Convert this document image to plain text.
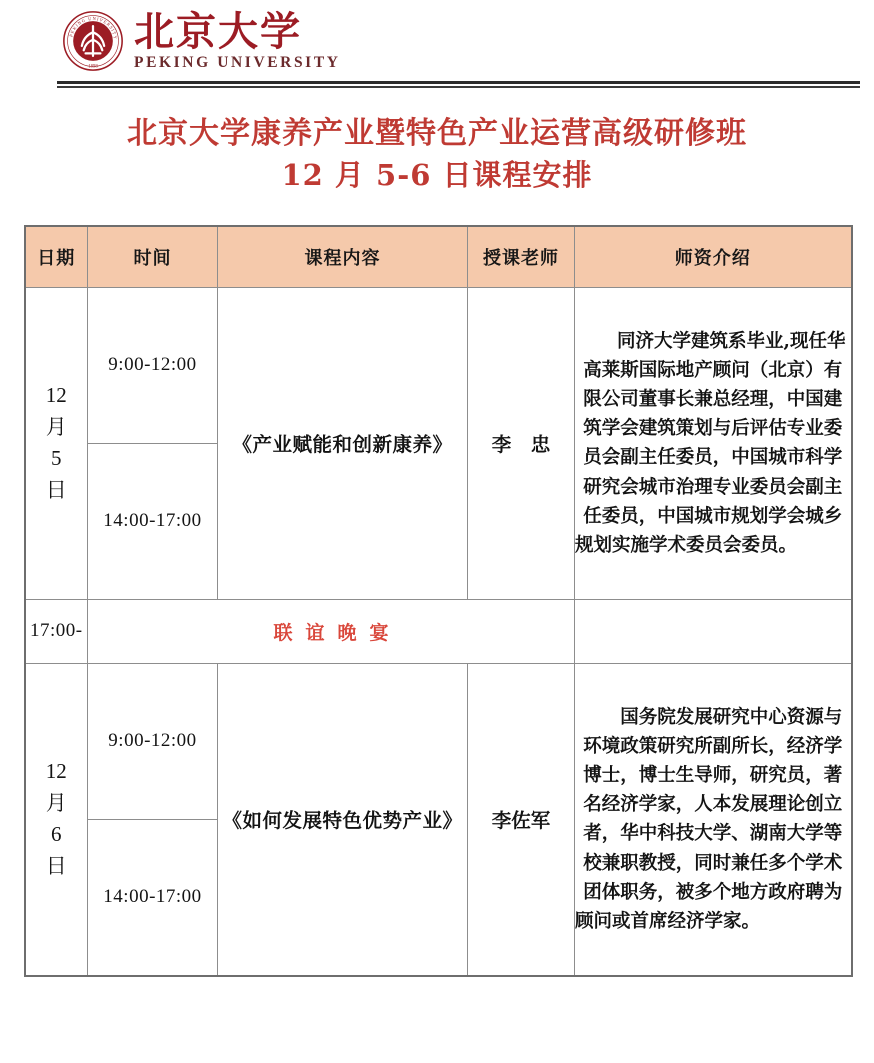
1898
PEKING UNIVERSITY 北京大学
PEKING UNIVERSITY
北京大学康养产业暨特色产业运营高级研修班
12 月 5-6 日课程安排
日期	时间	课程内容	授课老师	师资介绍

12
月
5
日	9:00-12:00	《产业赋能和创新康养》	李　忠	同济大学建筑系毕业,现任华高莱斯国际地产顾问（北京）有限公司董事长兼总经理，中国建筑学会建筑策划与后评估专业委员会副主任委员，中国城市科学研究会城市治理专业委员会副主任委员，中国城市规划学会城乡规划实施学术委员会委员。
	14:00-17:00			
17:00-	联谊晚宴			

12
月
6
日	9:00-12:00	《如何发展特色优势产业》	李佐军	国务院发展研究中心资源与环境政策研究所副所长，经济学博士，博士生导师，研究员，著名经济学家，人本发展理论创立者，华中科技大学、湖南大学等校兼职教授，同时兼任多个学术团体职务，被多个地方政府聘为顾问或首席经济学家。
	14:00-17:00			
